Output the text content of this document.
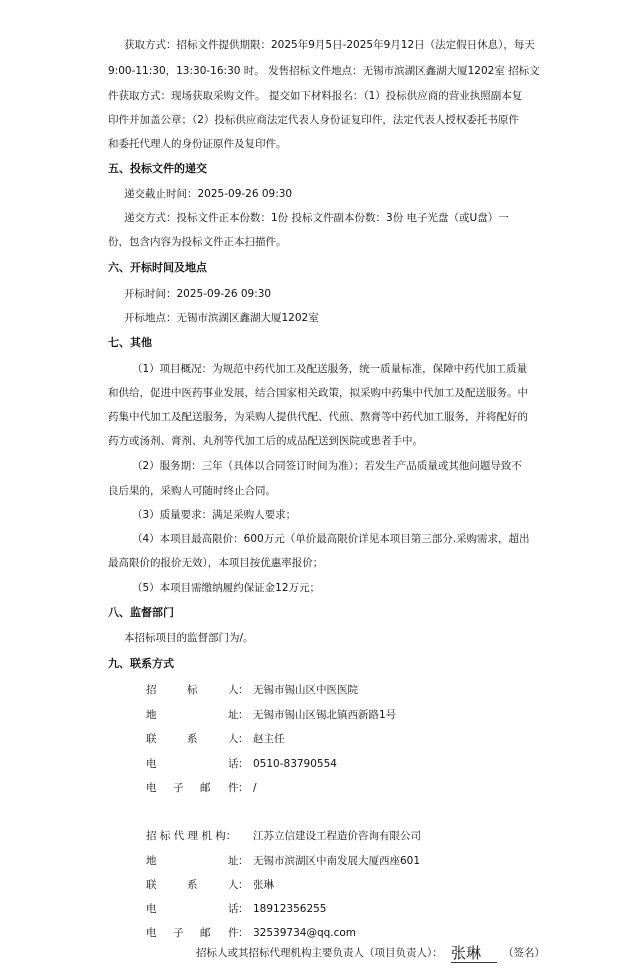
获取方式：招标文件提供期限：2025年9月5日-2025年9月12日（法定假日休息），每天
9:00-11:30，13:30-16:30 时。 发售招标文件地点：无锡市滨湖区鑫湖大厦1202室 招标文
件获取方式：现场获取采购文件。 提交如下材料报名：（1）投标供应商的营业执照副本复
印件并加盖公章；（2）投标供应商法定代表人身份证复印件，法定代表人授权委托书原件
和委托代理人的身份证原件及复印件。
五、投标文件的递交
递交截止时间：2025-09-26 09:30
递交方式：投标文件正本份数：1份 投标文件副本份数：3份 电子光盘（或U盘）一
份，包含内容为投标文件正本扫描件。
六、开标时间及地点
开标时间：2025-09-26 09:30
开标地点：无锡市滨湖区鑫湖大厦1202室
七、其他
（1）项目概况：为规范中药代加工及配送服务，统一质量标准，保障中药代加工质量
和供给，促进中医药事业发展，结合国家相关政策，拟采购中药集中代加工及配送服务。中
药集中代加工及配送服务，为采购人提供代配、代煎、熬膏等中药代加工服务，并将配好的
药方或汤剂、膏剂、丸剂等代加工后的成品配送到医院或患者手中。
（2）服务期：三年（具体以合同签订时间为准）；若发生产品质量或其他问题导致不
良后果的，采购人可随时终止合同。
（3）质量要求：满足采购人要求；
（4）本项目最高限价：600万元（单价最高限价详见本项目第三部分.采购需求，超出
最高限价的报价无效），本项目按优惠率报价；
（5）本项目需缴纳履约保证金12万元；
八、监督部门
本招标项目的监督部门为/。
九、联系方式
招	标	人 ： 无锡市锡山区中医医院
地	址 ： 无锡市锡山区锡北镇西新路1号
联	系	人 ： 赵主任
电	话 ： 0510-83790554
电 子 邮 件 ： /
招 标 代 理 机 构： 江苏立信建设工程造价咨询有限公司
地	址 ： 无锡市滨湖区中南发展大厦西座601
联	系	人 ： 张琳
电	话 ： 18912356255
电 子 邮 件 ： 32539734@qq.com
招标人或其招标代理机构主要负责人（项目负责人）： 张琳	（签名）
